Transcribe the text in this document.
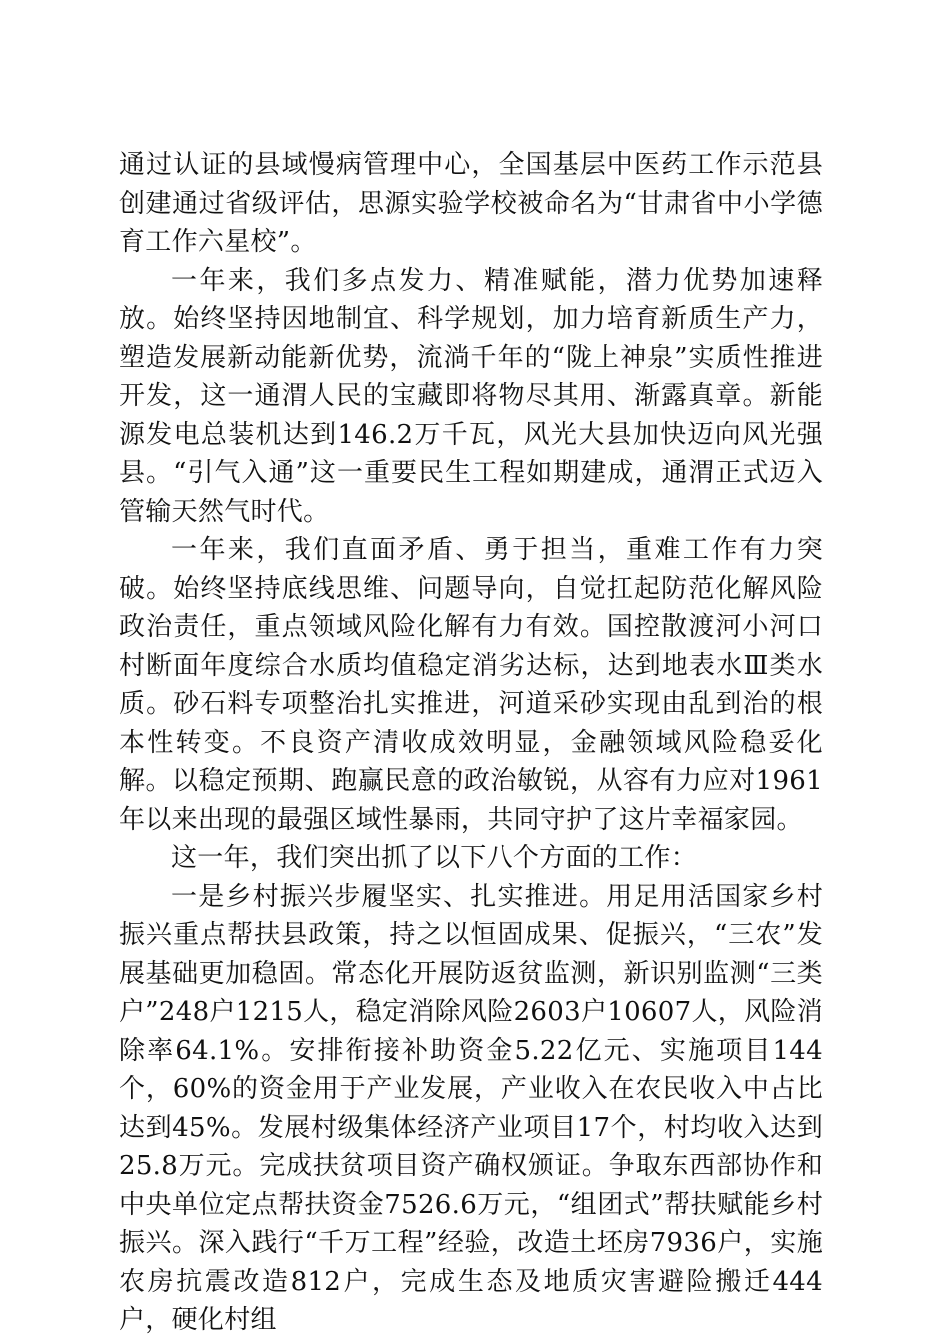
通过认证的县域慢病管理中心，全国基层中医药工作示范县创建通过省级评估，思源实验学校被命名为“甘肃省中小学德育工作六星校”。

一年来，我们多点发力、精准赋能，潜力优势加速释放。始终坚持因地制宜、科学规划，加力培育新质生产力，塑造发展新动能新优势，流淌千年的“陇上神泉”实质性推进开发，这一通渭人民的宝藏即将物尽其用、渐露真章。新能源发电总装机达到146.2万千瓦，风光大县加快迈向风光强县。“引气入通”这一重要民生工程如期建成，通渭正式迈入管输天然气时代。

一年来，我们直面矛盾、勇于担当，重难工作有力突破。始终坚持底线思维、问题导向，自觉扛起防范化解风险政治责任，重点领域风险化解有力有效。国控散渡河小河口村断面年度综合水质均值稳定消劣达标，达到地表水Ⅲ类水质。砂石料专项整治扎实推进，河道采砂实现由乱到治的根本性转变。不良资产清收成效明显，金融领域风险稳妥化解。以稳定预期、跑赢民意的政治敏锐，从容有力应对1961年以来出现的最强区域性暴雨，共同守护了这片幸福家园。

这一年，我们突出抓了以下八个方面的工作：

一是乡村振兴步履坚实、扎实推进。用足用活国家乡村振兴重点帮扶县政策，持之以恒固成果、促振兴，“三农”发展基础更加稳固。常态化开展防返贫监测，新识别监测“三类户”248户1215人，稳定消除风险2603户10607人，风险消除率64.1%。安排衔接补助资金5.22亿元、实施项目144个，60%的资金用于产业发展，产业收入在农民收入中占比达到45%。发展村级集体经济产业项目17个，村均收入达到25.8万元。完成扶贫项目资产确权颁证。争取东西部协作和中央单位定点帮扶资金7526.6万元，“组团式”帮扶赋能乡村振兴。深入践行“千万工程”经验，改造土坯房7936户，实施农房抗震改造812户，完成生态及地质灾害避险搬迁444户，硬化村组
